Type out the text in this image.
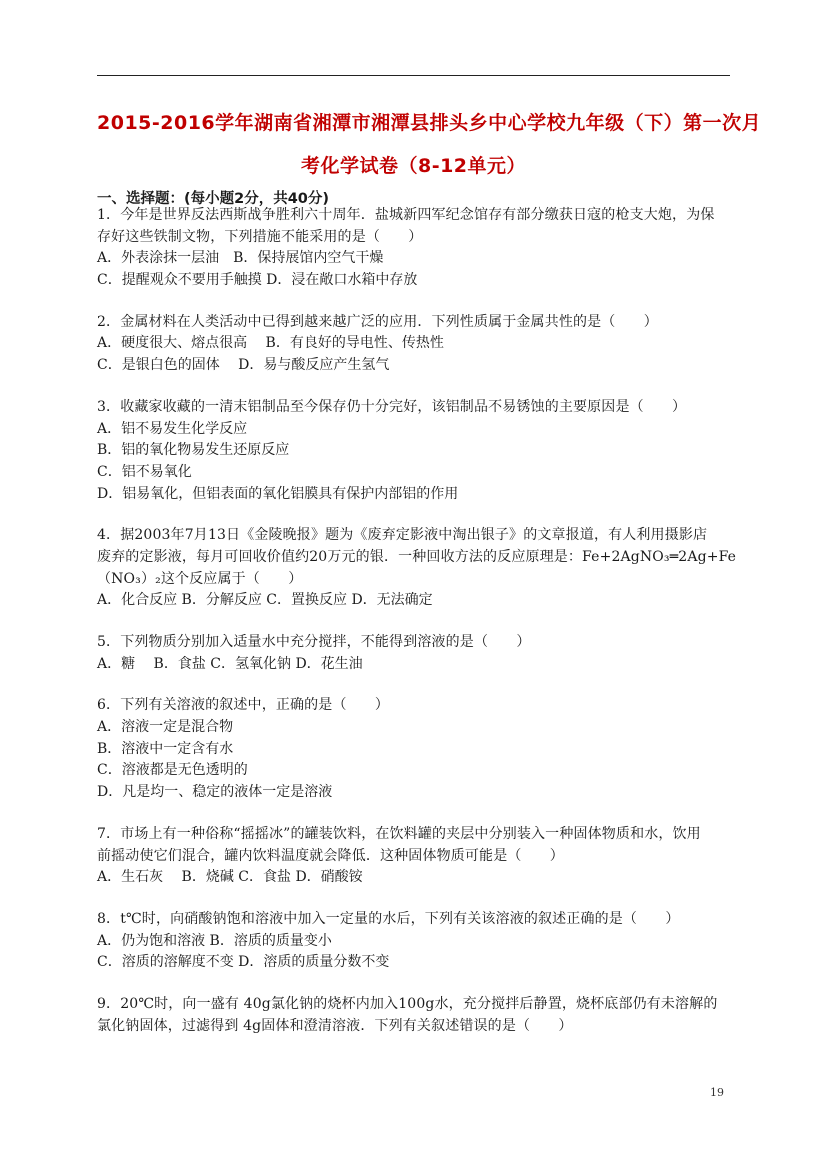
2015-2016学年湖南省湘潭市湘潭县排头乡中心学校九年级（下）第一次月
考化学试卷（8-12单元）
一、选择题：(每小题2分，共40分)
1．今年是世界反法西斯战争胜利六十周年．盐城新四军纪念馆存有部分缴获日寇的枪支大炮，为保
存好这些铁制文物，下列措施不能采用的是（　　）
A．外表涂抹一层油　B．保持展馆内空气干燥
C．提醒观众不要用手触摸 D．浸在敞口水箱中存放
2．金属材料在人类活动中已得到越来越广泛的应用．下列性质属于金属共性的是（　　）
A．硬度很大、熔点很高　 B．有良好的导电性、传热性
C．是银白色的固体　 D．易与酸反应产生氢气
3．收藏家收藏的一清末铝制品至今保存仍十分完好，该铝制品不易锈蚀的主要原因是（　　）
A．铝不易发生化学反应
B．铝的氧化物易发生还原反应
C．铝不易氧化
D．铝易氧化，但铝表面的氧化铝膜具有保护内部铝的作用
4．据2003年7月13日《金陵晚报》题为《废弃定影液中淘出银子》的文章报道，有人利用摄影店
废弃的定影液，每月可回收价值约20万元的银．一种回收方法的反应原理是：Fe+2AgNO₃═2Ag+Fe
（NO₃）₂这个反应属于（　　）
A．化合反应 B．分解反应 C．置换反应 D．无法确定
5．下列物质分别加入适量水中充分搅拌，不能得到溶液的是（　　）
A．糖　 B．食盐 C．氢氧化钠 D．花生油
6．下列有关溶液的叙述中，正确的是（　　）
A．溶液一定是混合物
B．溶液中一定含有水
C．溶液都是无色透明的
D．凡是均一、稳定的液体一定是溶液
7．市场上有一种俗称“摇摇冰”的罐装饮料，在饮料罐的夹层中分别装入一种固体物质和水，饮用
前摇动使它们混合，罐内饮料温度就会降低．这种固体物质可能是（　　）
A．生石灰　 B．烧碱 C．食盐 D．硝酸铵
8．t℃时，向硝酸钠饱和溶液中加入一定量的水后，下列有关该溶液的叙述正确的是（　　）
A．仍为饱和溶液 B．溶质的质量变小
C．溶质的溶解度不变 D．溶质的质量分数不变
9．20℃时，向一盛有 40g氯化钠的烧杯内加入100g水，充分搅拌后静置，烧杯底部仍有未溶解的
氯化钠固体，过滤得到 4g固体和澄清溶液．下列有关叙述错误的是（　　）
19
